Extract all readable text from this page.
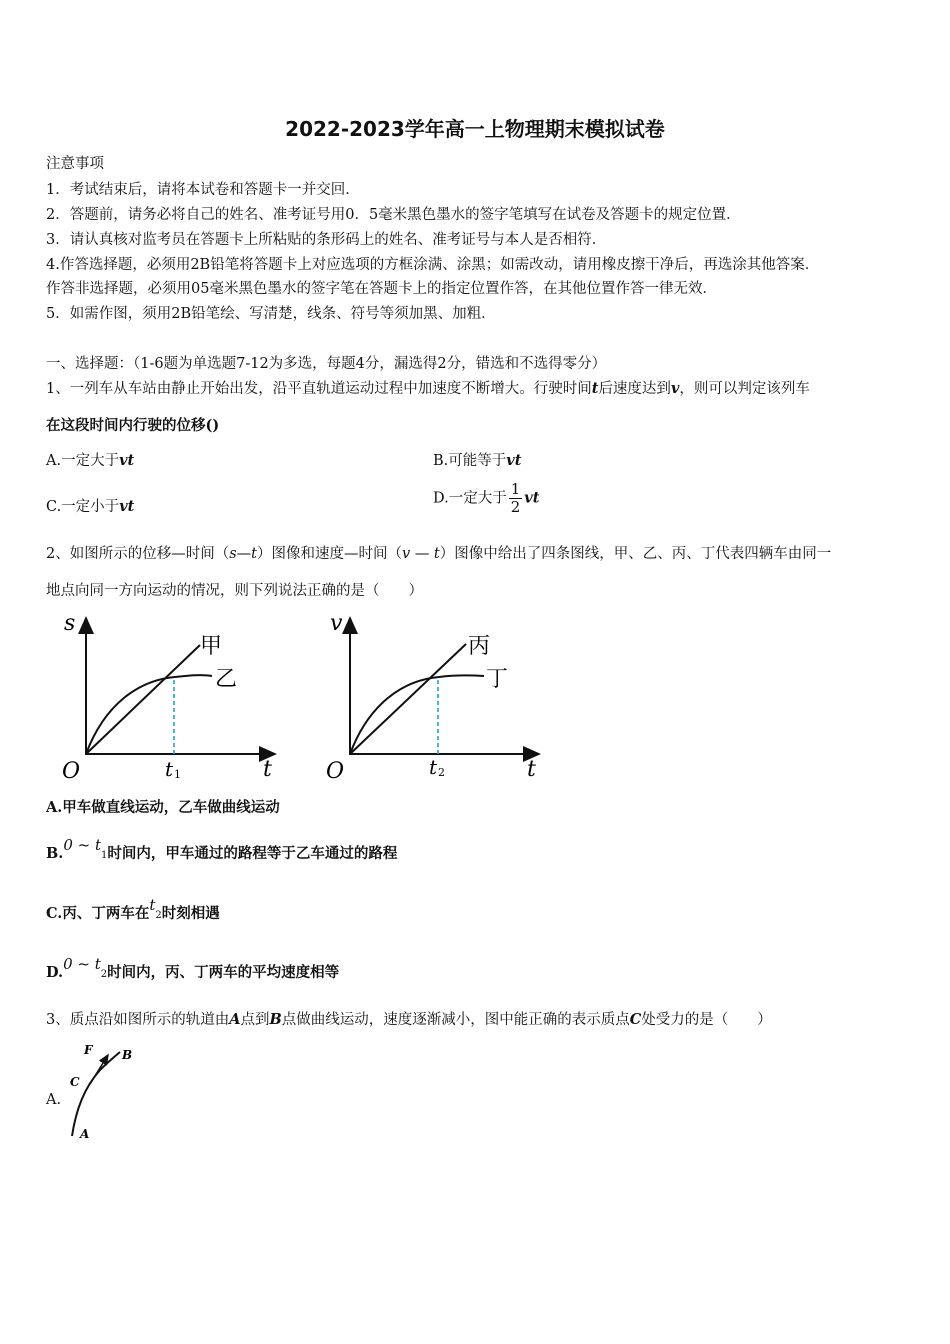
2022-2023学年高一上物理期末模拟试卷
注意事项
1．考试结束后，请将本试卷和答题卡一并交回．
2．答题前，请务必将自己的姓名、准考证号用0．5毫米黑色墨水的签字笔填写在试卷及答题卡的规定位置．
3．请认真核对监考员在答题卡上所粘贴的条形码上的姓名、准考证号与本人是否相符．
4.作答选择题，必须用2B铅笔将答题卡上对应选项的方框涂满、涂黑；如需改动，请用橡皮擦干净后，再选涂其他答案．
作答非选择题，必须用05毫米黑色墨水的签字笔在答题卡上的指定位置作答，在其他位置作答一律无效．
5．如需作图，须用2B铅笔绘、写清楚，线条、符号等须加黑、加粗．
一、选择题：（1-6题为单选题7-12为多选，每题4分，漏选得2分，错选和不选得零分）
1、一列车从车站由静止开始出发，沿平直轨道运动过程中加速度不断增大。行驶时间t后速度达到v，则可以判定该列车
在这段时间内行驶的位移()
A.一定大于vt	B.可能等于vt
C.一定小于vt	D.一定大于 $\frac{1}{2}$ vt
2、如图所示的位移—时间（s—t）图像和速度—时间（v — t）图像中给出了四条图线，甲、乙、丙、丁代表四辆车由同一
地点向同一方向运动的情况，则下列说法正确的是（　　）
s
t
O	t 1
甲
乙
v
t
O	t 2
丙
丁
A.甲车做直线运动，乙车做曲线运动
B.0 ~ t1时间内，甲车通过的路程等于乙车通过的路程
C.丙、丁两车在t2时刻相遇
D.0 ~ t2时间内，丙、丁两车的平均速度相等
3、质点沿如图所示的轨道由A点到B点做曲线运动，速度逐渐减小，图中能正确的表示质点C处受力的是（　　）
A.
F B
C
A
